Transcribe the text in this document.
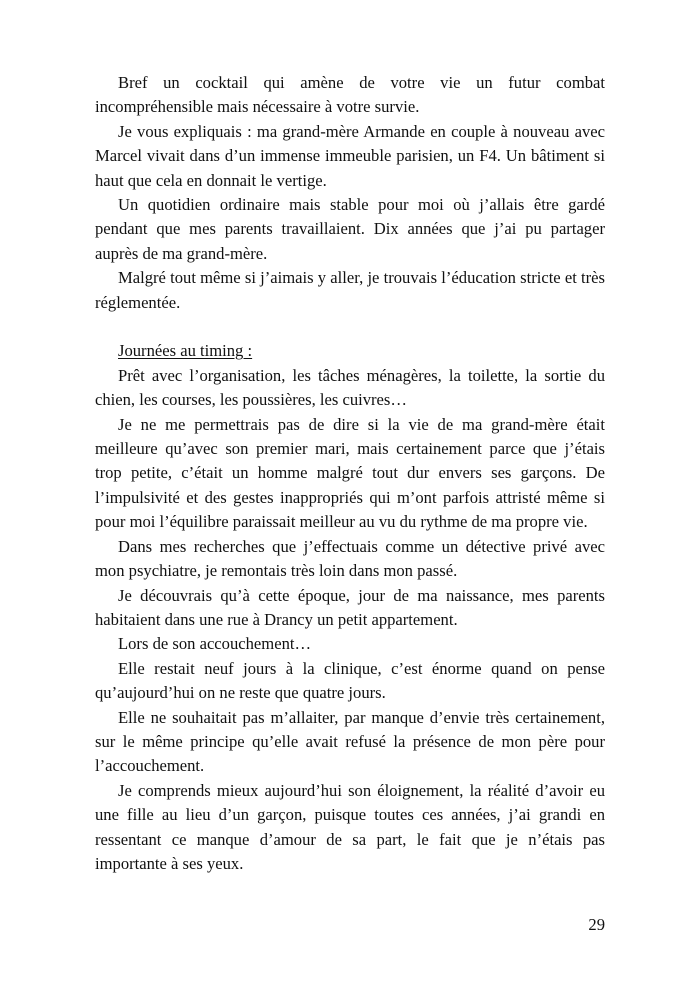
Bref un cocktail qui amène de votre vie un futur combat incompréhensible mais nécessaire à votre survie.

Je vous expliquais : ma grand-mère Armande en couple à nouveau avec Marcel vivait dans d’un immense immeuble parisien, un F4. Un bâtiment si haut que cela en donnait le vertige.

Un quotidien ordinaire mais stable pour moi où j’allais être gardé pendant que mes parents travaillaient. Dix années que j’ai pu partager auprès de ma grand-mère.

Malgré tout même si j’aimais y aller, je trouvais l’éducation stricte et très réglementée.

Journées au timing :

Prêt avec l’organisation, les tâches ménagères, la toilette, la sortie du chien, les courses, les poussières, les cuivres…

Je ne me permettrais pas de dire si la vie de ma grand-mère était meilleure qu’avec son premier mari, mais certainement parce que j’étais trop petite, c’était un homme malgré tout dur envers ses garçons. De l’impulsivité et des gestes inappropriés qui m’ont parfois attristé même si pour moi l’équilibre paraissait meilleur au vu du rythme de ma propre vie.

Dans mes recherches que j’effectuais comme un détective privé avec mon psychiatre, je remontais très loin dans mon passé.

Je découvrais qu’à cette époque, jour de ma naissance, mes parents habitaient dans une rue à Drancy un petit appartement.

Lors de son accouchement…

Elle restait neuf jours à la clinique, c’est énorme quand on pense qu’aujourd’hui on ne reste que quatre jours.

Elle ne souhaitait pas m’allaiter, par manque d’envie très certainement, sur le même principe qu’elle avait refusé la présence de mon père pour l’accouchement.

Je comprends mieux aujourd’hui son éloignement, la réalité d’avoir eu une fille au lieu d’un garçon, puisque toutes ces années, j’ai grandi en ressentant ce manque d’amour de sa part, le fait que je n’étais pas importante à ses yeux.

29
